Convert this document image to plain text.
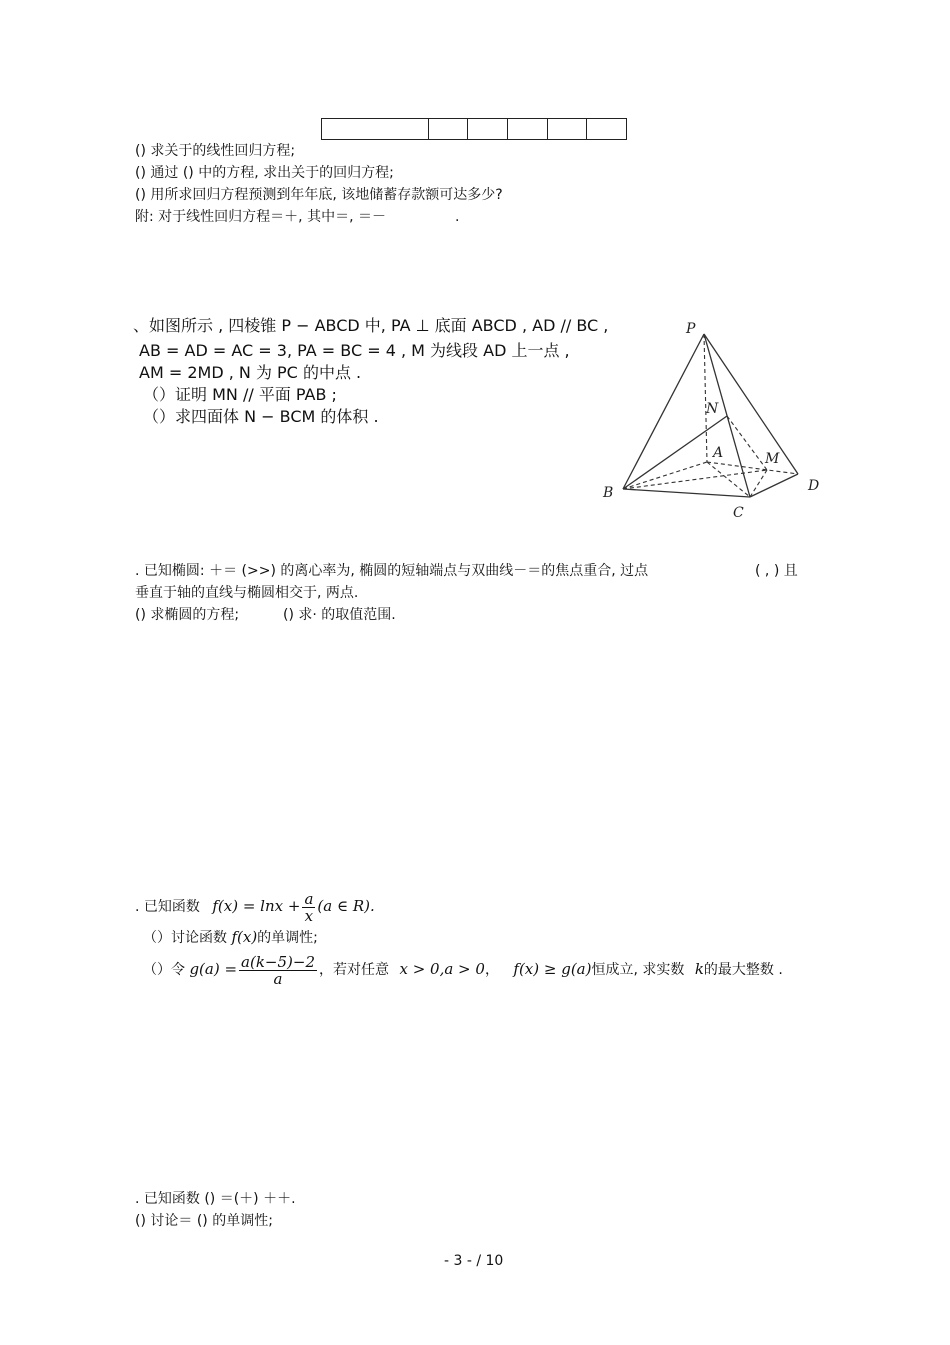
() 求关于的线性回归方程;
() 通过 () 中的方程, 求出关于的回归方程;
() 用所求回归方程预测到年年底, 该地储蓄存款额可达多少?
附: 对于线性回归方程＝＋, 其中＝, ＝－	.
、如图所示 , 四棱锥 P − ABCD 中, PA ⊥ 底面 ABCD , AD // BC ,
AB = AD = AC = 3, PA = BC = 4 , M 为线段 AD 上一点 ,
AM = 2MD , N 为 PC 的中点 .
（）证明 MN // 平面 PAB ;
（）求四面体 N − BCM 的体积 .
P
N
A	M
B
C
D
. 已知椭圆: ＋＝ (>>) 的离心率为, 椭圆的短轴端点与双曲线－＝的焦点重合, 过点	( , ) 且
垂直于轴的直线与椭圆相交于, 两点.
() 求椭圆的方程;	() 求· 的取值范围.
. 已知函数 $f(x) = \ln x + \frac{a}{x} (a$ ∈ R).
（）讨论函数 f(x)的单调性;
（）令 $g(a) = \frac{a(k-5)-2}{a}$ ，若对任意 x > 0,a > 0， f(x) ≥ g(a)恒成立, 求实数 k的最大整数 .
. 已知函数 () ＝(＋) ＋＋.
() 讨论＝ () 的单调性;
- 3 - / 10
